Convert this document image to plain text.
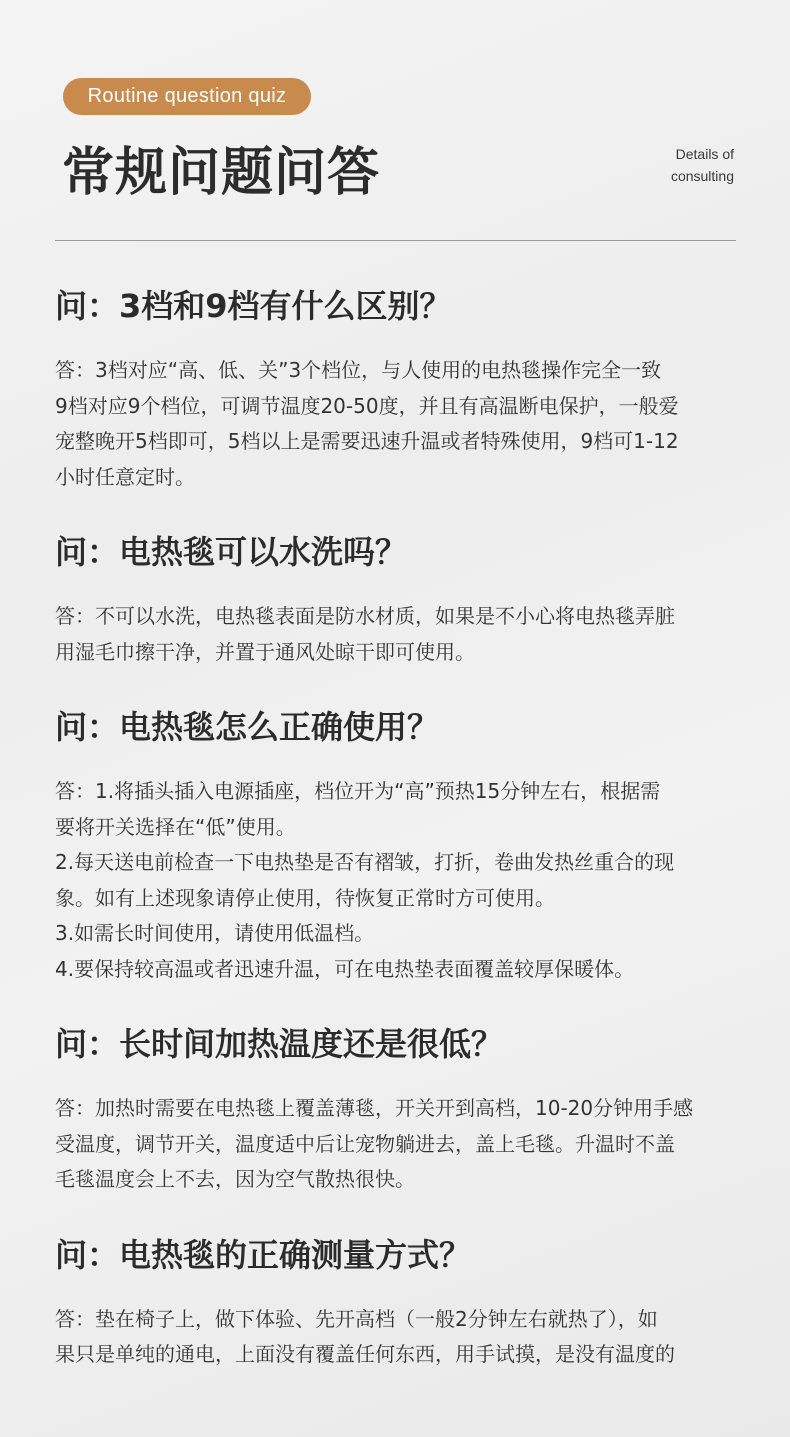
Routine question quiz
常规问题问答	Details of
consulting
问：3档和9档有什么区别？

答：3档对应“高、低、关”3个档位，与人使用的电热毯操作完全一致

9档对应9个档位，可调节温度20-50度，并且有高温断电保护，一般爱

宠整晚开5档即可，5档以上是需要迅速升温或者特殊使用，9档可1-12

小时任意定时。

问：电热毯可以水洗吗？

答：不可以水洗，电热毯表面是防水材质，如果是不小心将电热毯弄脏

用湿毛巾擦干净，并置于通风处晾干即可使用。

问：电热毯怎么正确使用？

答：1.将插头插入电源插座，档位开为“高”预热15分钟左右，根据需

要将开关选择在“低”使用。

2.每天送电前检查一下电热垫是否有褶皱，打折，卷曲发热丝重合的现

象。如有上述现象请停止使用，待恢复正常时方可使用。

3.如需长时间使用，请使用低温档。

4.要保持较高温或者迅速升温，可在电热垫表面覆盖较厚保暖体。

问：长时间加热温度还是很低？

答：加热时需要在电热毯上覆盖薄毯，开关开到高档，10-20分钟用手感

受温度，调节开关，温度适中后让宠物躺进去，盖上毛毯。升温时不盖

毛毯温度会上不去，因为空气散热很快。

问：电热毯的正确测量方式？

答：垫在椅子上，做下体验、先开高档（一般2分钟左右就热了），如

果只是单纯的通电，上面没有覆盖任何东西，用手试摸，是没有温度的
